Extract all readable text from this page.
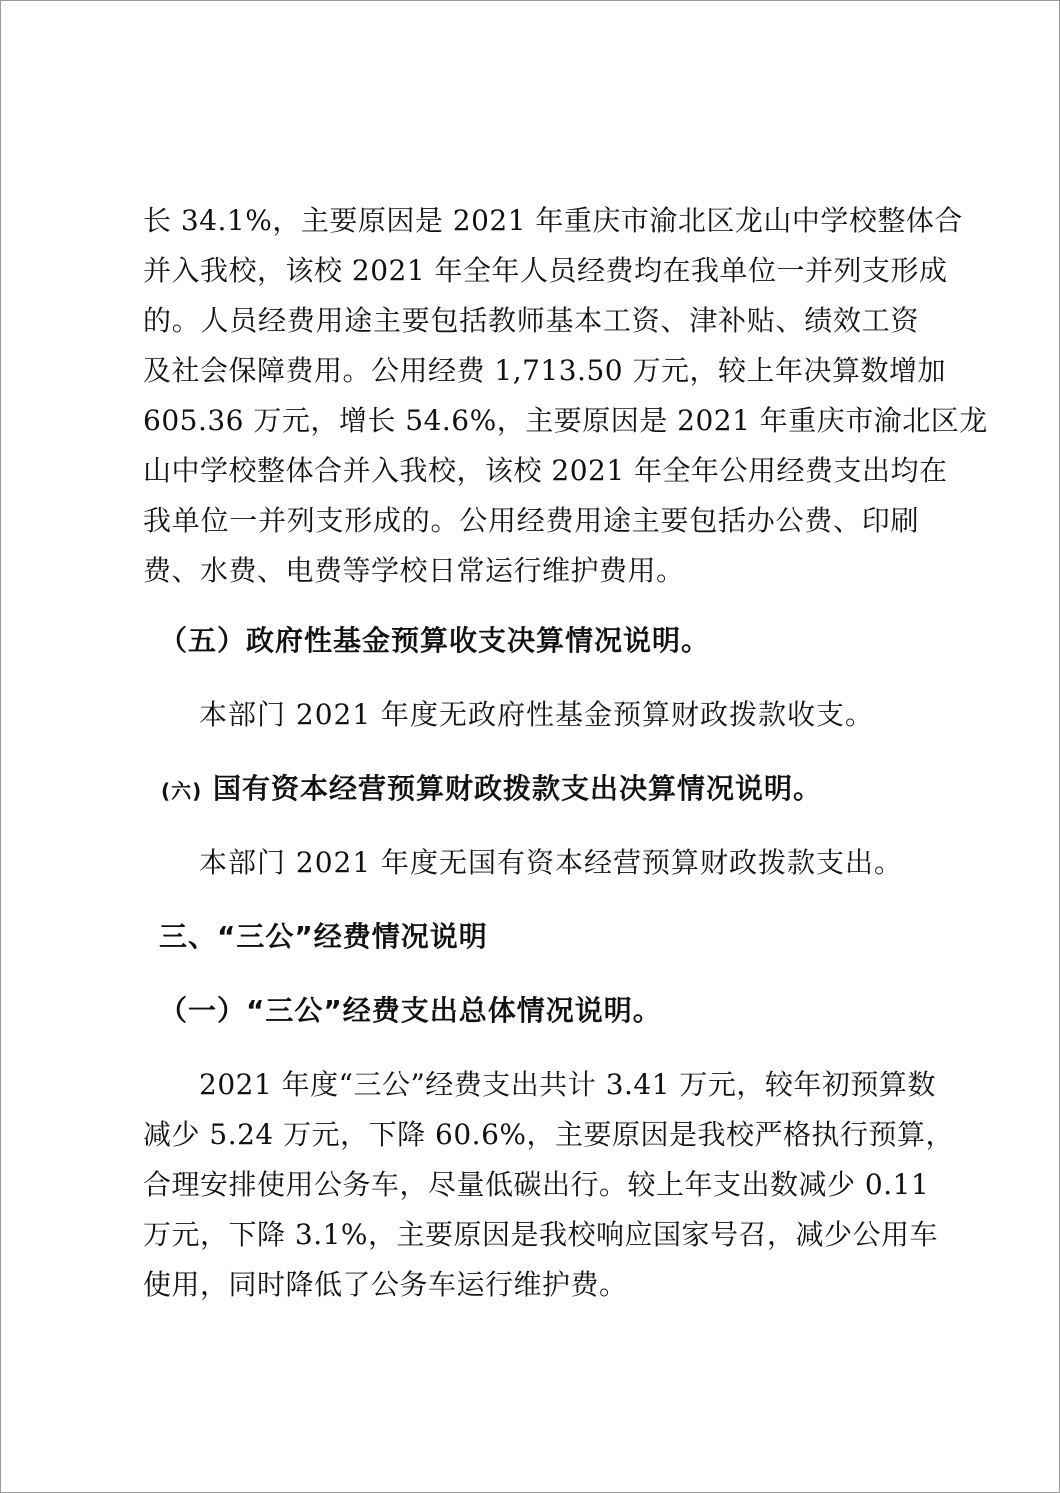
长 34.1%，主要原因是 2021 年重庆市渝北区龙山中学校整体合
并入我校，该校 2021 年全年人员经费均在我单位一并列支形成
的。人员经费用途主要包括教师基本工资、津补贴、绩效工资
及社会保障费用。公用经费 1,713.50 万元，较上年决算数增加
605.36 万元，增长 54.6%，主要原因是 2021 年重庆市渝北区龙
山中学校整体合并入我校，该校 2021 年全年公用经费支出均在
我单位一并列支形成的。公用经费用途主要包括办公费、印刷
费、水费、电费等学校日常运行维护费用。
（五）政府性基金预算收支决算情况说明。
本部门 2021 年度无政府性基金预算财政拨款收支。
(六) 国有资本经营预算财政拨款支出决算情况说明。
本部门 2021 年度无国有资本经营预算财政拨款支出。
三、“三公”经费情况说明
（一）“三公”经费支出总体情况说明。
2021 年度“三公”经费支出共计 3.41 万元，较年初预算数
减少 5.24 万元，下降 60.6%，主要原因是我校严格执行预算，
合理安排使用公务车，尽量低碳出行。较上年支出数减少 0.11
万元，下降 3.1%，主要原因是我校响应国家号召，减少公用车
使用，同时降低了公务车运行维护费。
